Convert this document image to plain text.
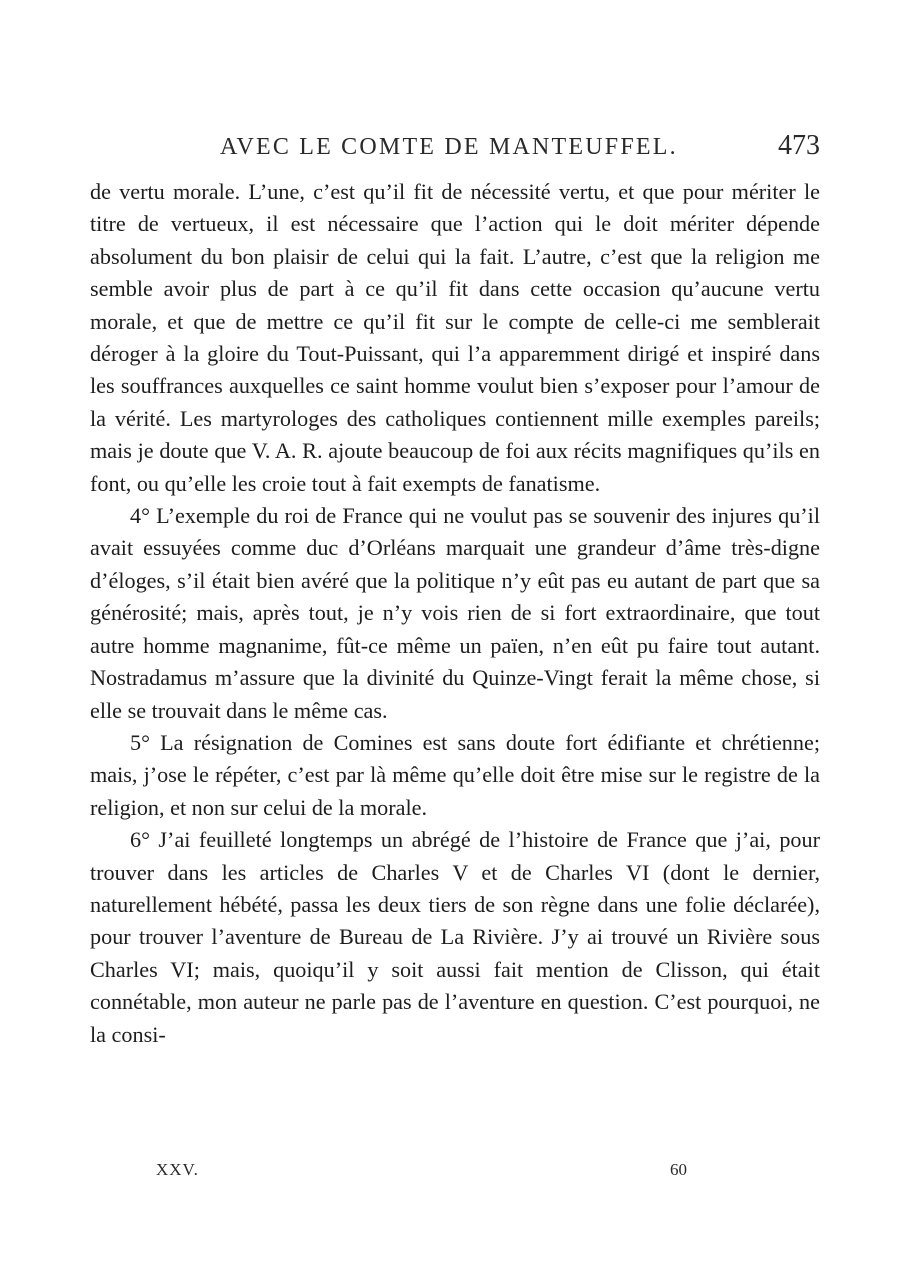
AVEC LE COMTE DE MANTEUFFEL.	473

de vertu morale. L’une, c’est qu’il fit de nécessité vertu, et que pour mériter le titre de vertueux, il est nécessaire que l’action qui le doit mériter dépende absolument du bon plaisir de celui qui la fait. L’autre, c’est que la religion me semble avoir plus de part à ce qu’il fit dans cette occasion qu’aucune vertu morale, et que de mettre ce qu’il fit sur le compte de celle-ci me semblerait déroger à la gloire du Tout-Puissant, qui l’a apparemment dirigé et inspiré dans les souffrances auxquelles ce saint homme voulut bien s’exposer pour l’amour de la vérité. Les martyrologes des catholiques contiennent mille exemples pareils; mais je doute que V. A. R. ajoute beaucoup de foi aux récits magnifiques qu’ils en font, ou qu’elle les croie tout à fait exempts de fanatisme.

4° L’exemple du roi de France qui ne voulut pas se souvenir des injures qu’il avait essuyées comme duc d’Orléans marquait une grandeur d’âme très-digne d’éloges, s’il était bien avéré que la politique n’y eût pas eu autant de part que sa générosité; mais, après tout, je n’y vois rien de si fort extraordinaire, que tout autre homme magnanime, fût-ce même un païen, n’en eût pu faire tout autant. Nostradamus m’assure que la divinité du Quinze-Vingt ferait la même chose, si elle se trouvait dans le même cas.

5° La résignation de Comines est sans doute fort édifiante et chrétienne; mais, j’ose le répéter, c’est par là même qu’elle doit être mise sur le registre de la religion, et non sur celui de la morale.

6° J’ai feuilleté longtemps un abrégé de l’histoire de France que j’ai, pour trouver dans les articles de Charles V et de Charles VI (dont le dernier, naturellement hébété, passa les deux tiers de son règne dans une folie déclarée), pour trouver l’aventure de Bureau de La Rivière. J’y ai trouvé un Rivière sous Charles VI; mais, quoiqu’il y soit aussi fait mention de Clisson, qui était connétable, mon auteur ne parle pas de l’aventure en question. C’est pourquoi, ne la consi-

XXV.	60
